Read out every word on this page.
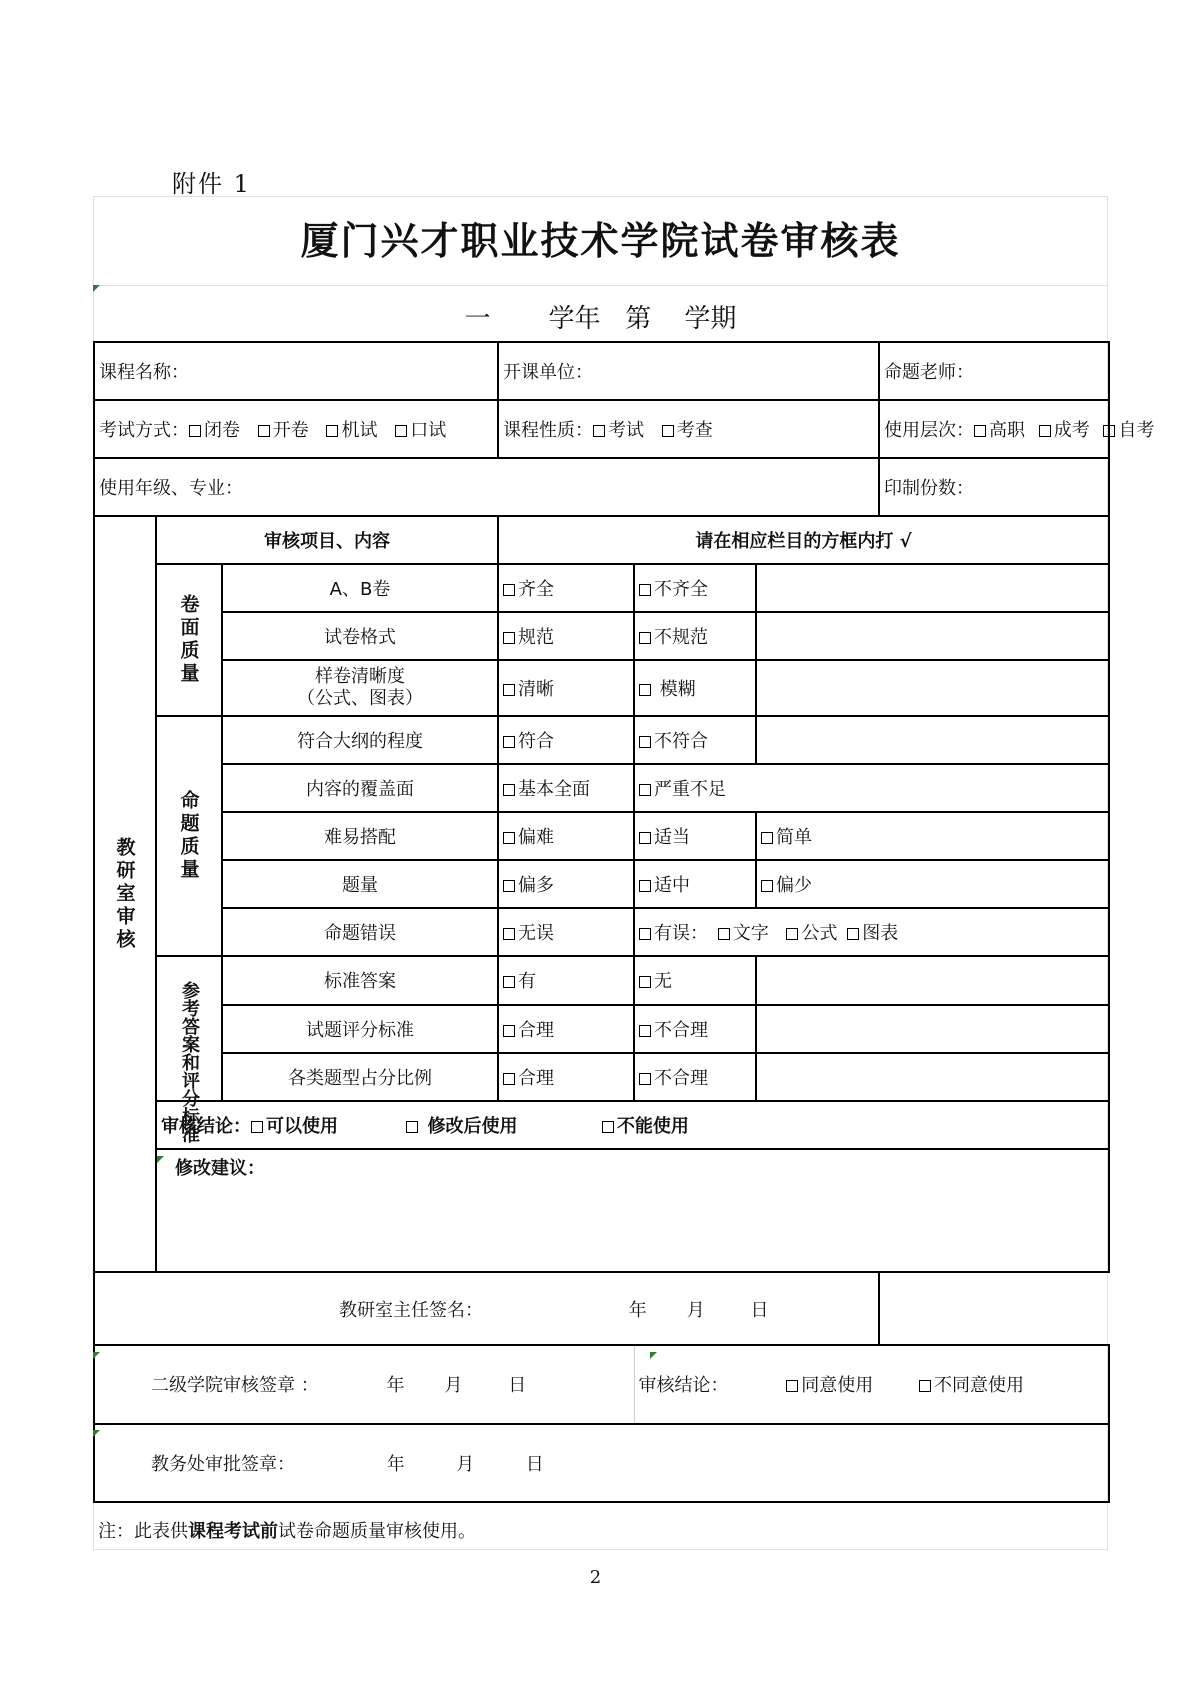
附件 1
厦门兴才职业技术学院试卷审核表
一       学年   第    学期
课程名称：			开课单位：			命题老师：
考试方式： 闭卷 开卷 机试 口试			课程性质： 考试 考查			使用层次： 高职 成考 自考
使用年级、专业：						印制份数：

教研室审核	审核项目、内容		请在相应栏目的方框内打 √			

	卷面质量	A、B卷	齐全	不齐全		
		试卷格式	规范	不规范		

		样卷清晰度
（公式、图表）	清晰	模糊		

	命题质量	符合大纲的程度	符合	不符合		
		内容的覆盖面	基本全面	严重不足		
		难易搭配	偏难	适当	简单	
		题量	偏多	适中	偏少	
		命题错误	无误	有误： 文字 公式 图表		

	参考答案和评分标准	标准答案	有	无		
		试题评分标准	合理	不合理		
		各类题型占分比例	合理	不合理		
	审核结论： 可以使用 修改后使用 不能使用					
	修改建议：					
教研室主任签名： 年       月        日						
二级学院审核签章 ： 年       月        日				审核结论： 同意使用 不同意使用		
教务处审批签章： 年         月         日						
注：此表供课程考试前试卷命题质量审核使用。
2
